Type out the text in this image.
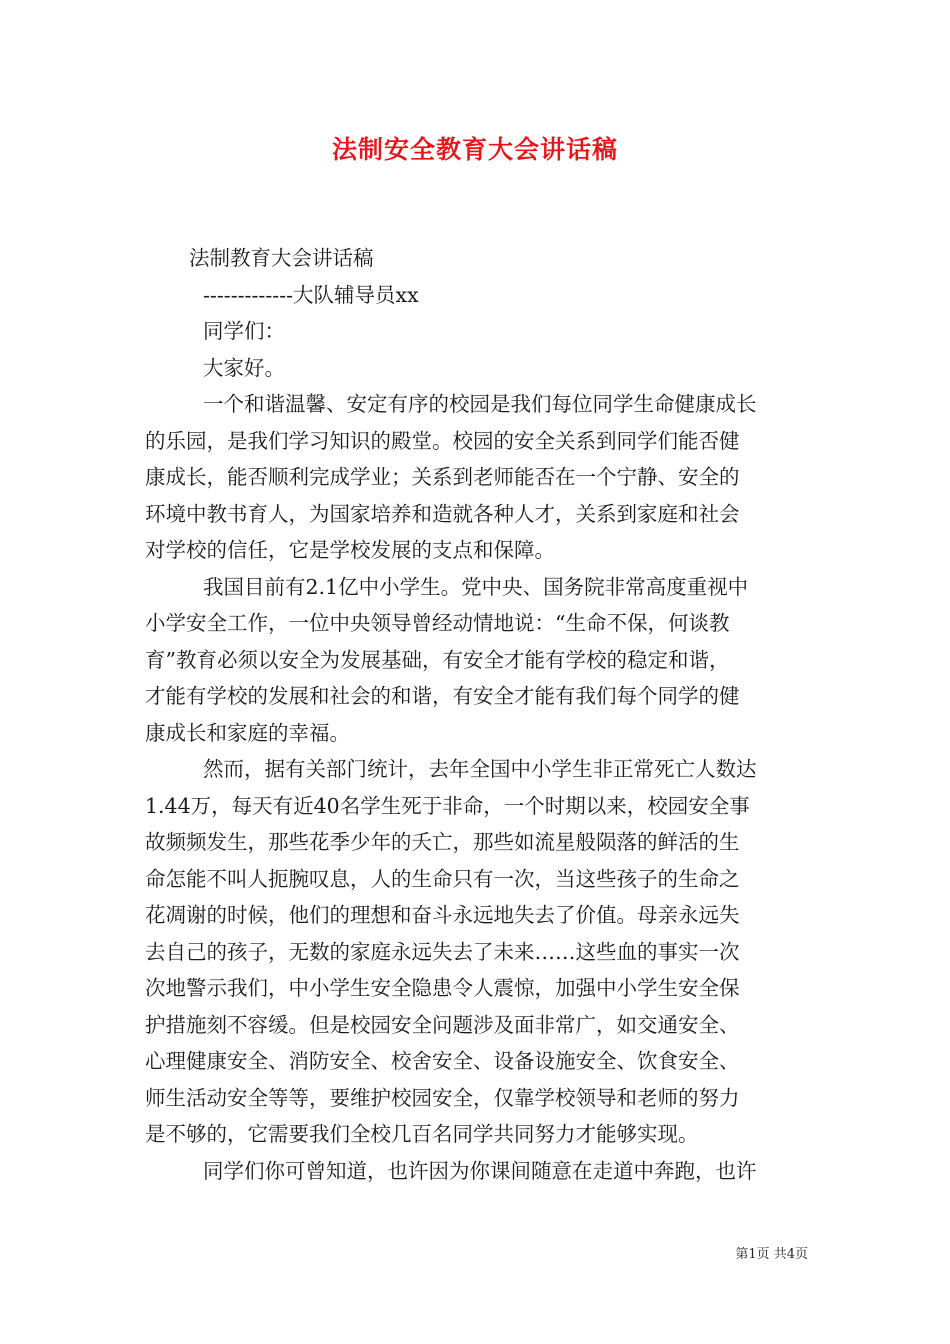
法制安全教育大会讲话稿
法制教育大会讲话稿
-------------大队辅导员xx
同学们：
大家好。
一个和谐温馨、安定有序的校园是我们每位同学生命健康成长
的乐园，是我们学习知识的殿堂。校园的安全关系到同学们能否健
康成长，能否顺利完成学业；关系到老师能否在一个宁静、安全的
环境中教书育人，为国家培养和造就各种人才，关系到家庭和社会
对学校的信任，它是学校发展的支点和保障。
我国目前有2.1亿中小学生。党中央、国务院非常高度重视中
小学安全工作，一位中央领导曾经动情地说：“生命不保，何谈教
育”教育必须以安全为发展基础，有安全才能有学校的稳定和谐，
才能有学校的发展和社会的和谐，有安全才能有我们每个同学的健
康成长和家庭的幸福。
然而，据有关部门统计，去年全国中小学生非正常死亡人数达
1.44万，每天有近40名学生死于非命，一个时期以来，校园安全事
故频频发生，那些花季少年的夭亡，那些如流星般陨落的鲜活的生
命怎能不叫人扼腕叹息，人的生命只有一次，当这些孩子的生命之
花凋谢的时候，他们的理想和奋斗永远地失去了价值。母亲永远失
去自己的孩子，无数的家庭永远失去了未来……这些血的事实一次
次地警示我们，中小学生安全隐患令人震惊，加强中小学生安全保
护措施刻不容缓。但是校园安全问题涉及面非常广，如交通安全、
心理健康安全、消防安全、校舍安全、设备设施安全、饮食安全、
师生活动安全等等，要维护校园安全，仅靠学校领导和老师的努力
是不够的，它需要我们全校几百名同学共同努力才能够实现。
同学们你可曾知道，也许因为你课间随意在走道中奔跑，也许
第1页 共4页
